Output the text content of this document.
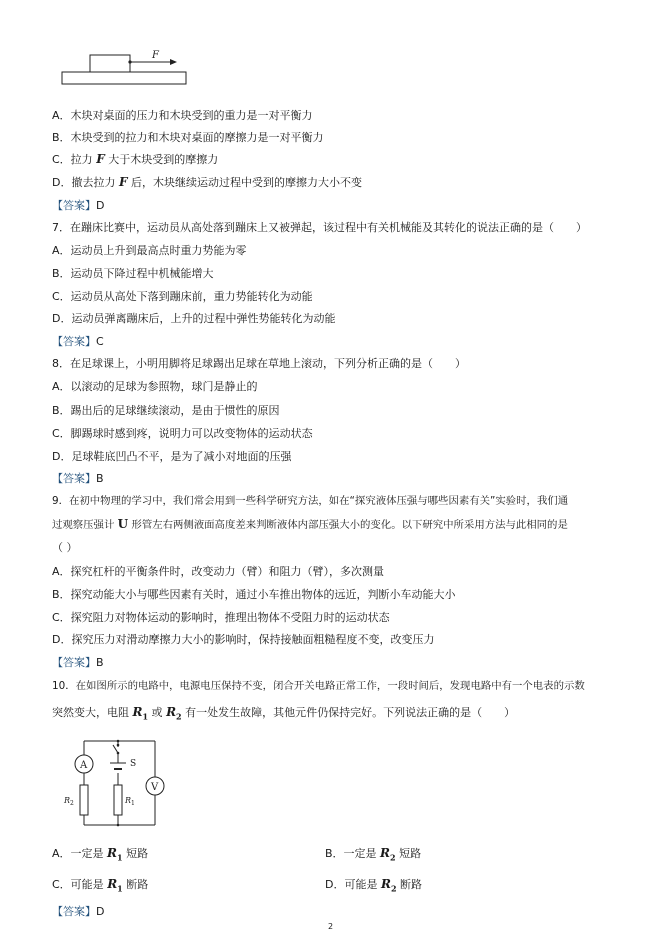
F
A．木块对桌面的压力和木块受到的重力是一对平衡力
B．木块受到的拉力和木块对桌面的摩擦力是一对平衡力
C．拉力 F 大于木块受到的摩擦力
D．撤去拉力 F 后，木块继续运动过程中受到的摩擦力大小不变
【答案】D
7．在蹦床比赛中，运动员从高处落到蹦床上又被弹起，该过程中有关机械能及其转化的说法正确的是（　　）
A．运动员上升到最高点时重力势能为零
B．运动员下降过程中机械能增大
C．运动员从高处下落到蹦床前，重力势能转化为动能
D．运动员弹离蹦床后，上升的过程中弹性势能转化为动能
【答案】C
8．在足球课上，小明用脚将足球踢出足球在草地上滚动，下列分析正确的是（　　）
A．以滚动的足球为参照物，球门是静止的
B．踢出后的足球继续滚动，是由于惯性的原因
C．脚踢球时感到疼，说明力可以改变物体的运动状态
D．足球鞋底凹凸不平，是为了减小对地面的压强
【答案】B
9．在初中物理的学习中，我们常会用到一些科学研究方法，如在“探究液体压强与哪些因素有关”实验时，我们通
过观察压强计 U 形管左右两侧液面高度差来判断液体内部压强大小的变化。以下研究中所采用方法与此相同的是
（ ）
A．探究杠杆的平衡条件时，改变动力（臂）和阻力（臂），多次测量
B．探究动能大小与哪些因素有关时，通过小车推出物体的远近，判断小车动能大小
C．探究阻力对物体运动的影响时，推理出物体不受阻力时的运动状态
D．探究压力对滑动摩擦力大小的影响时，保持接触面粗糙程度不变，改变压力
【答案】B
10．在如图所示的电路中，电源电压保持不变，闭合开关电路正常工作，一段时间后，发现电路中有一个电表的示数
突然变大，电阻 $R_1$ 或 $R_2$ 有一处发生故障，其他元件仍保持完好。下列说法正确的是（　　）
A
V
S
$R_2$	$R_1$
A．一定是 $R_1$ 短路	B．一定是 $R_2$ 短路
C．可能是 $R_1$ 断路	D．可能是 $R_2$ 断路
【答案】D
2
